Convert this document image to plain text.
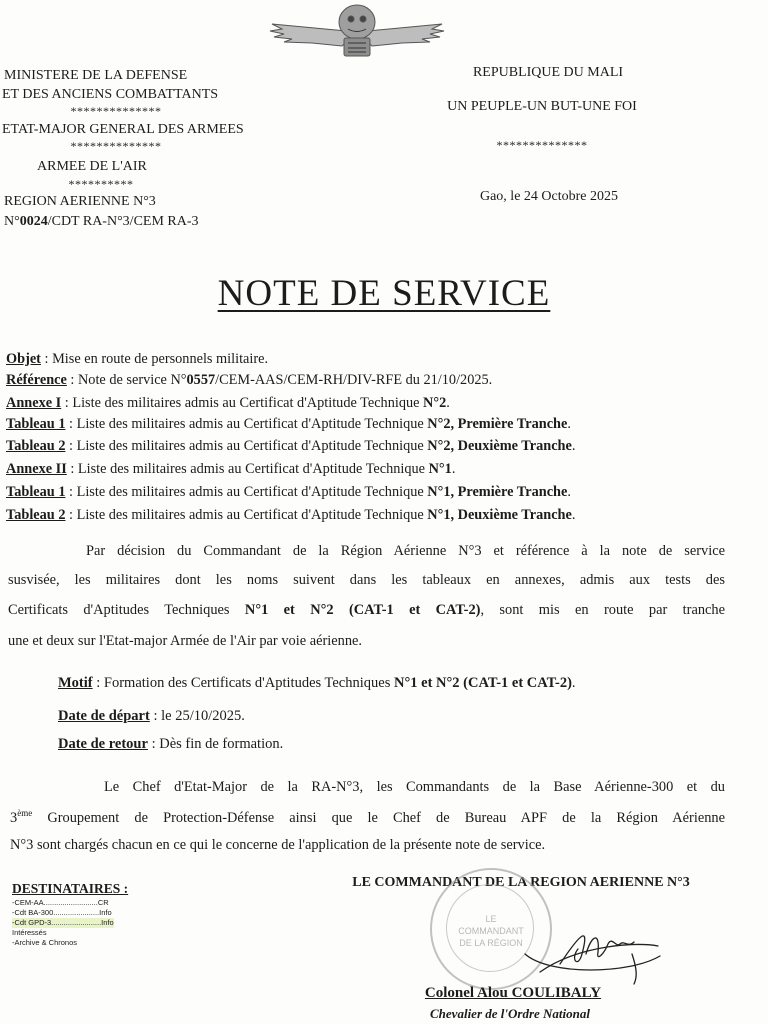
MINISTERE DE LA DEFENSE
ET DES ANCIENS COMBATTANTS
**************
ETAT-MAJOR GENERAL DES ARMEES
**************
ARMEE DE L'AIR
**********
REGION AERIENNE N°3
N°0024/CDT RA-N°3/CEM RA-3
REPUBLIQUE DU MALI
UN PEUPLE-UN BUT-UNE FOI
**************
Gao, le 24 Octobre 2025
NOTE DE SERVICE
Objet : Mise en route de personnels militaire.
Référence : Note de service N°0557/CEM-AAS/CEM-RH/DIV-RFE du 21/10/2025.
Annexe I : Liste des militaires admis au Certificat d'Aptitude Technique N°2.
Tableau 1 : Liste des militaires admis au Certificat d'Aptitude Technique N°2, Première Tranche.
Tableau 2 : Liste des militaires admis au Certificat d'Aptitude Technique N°2, Deuxième Tranche.
Annexe II : Liste des militaires admis au Certificat d'Aptitude Technique N°1.
Tableau 1 : Liste des militaires admis au Certificat d'Aptitude Technique N°1, Première Tranche.
Tableau 2 : Liste des militaires admis au Certificat d'Aptitude Technique N°1, Deuxième Tranche.
Par décision du Commandant de la Région Aérienne N°3 et référence à la note de service
susvisée, les militaires dont les noms suivent dans les tableaux en annexes, admis aux tests des
Certificats d'Aptitudes Techniques N°1 et N°2 (CAT-1 et CAT-2), sont mis en route par tranche
une et deux sur l'Etat-major Armée de l'Air par voie aérienne.
Motif : Formation des Certificats d'Aptitudes Techniques N°1 et N°2 (CAT-1 et CAT-2).
Date de départ : le 25/10/2025.
Date de retour : Dès fin de formation.
Le Chef d'Etat-Major de la RA-N°3, les Commandants de la Base Aérienne-300 et du
3ème Groupement de Protection-Défense ainsi que le Chef de Bureau APF de la Région Aérienne
N°3 sont chargés chacun en ce qui le concerne de l'application de la présente note de service.
DESTINATAIRES :
-CEM-AA..........................CR
-Cdt BA-300......................Info
-Cdt GPD-3........................Info
Intéressés
-Archive & Chronos
LE COMMANDANT DE LA REGION AERIENNE N°3
LE
COMMANDANT
DE LA RÉGION
Colonel Alou COULIBALY
Chevalier de l'Ordre National
